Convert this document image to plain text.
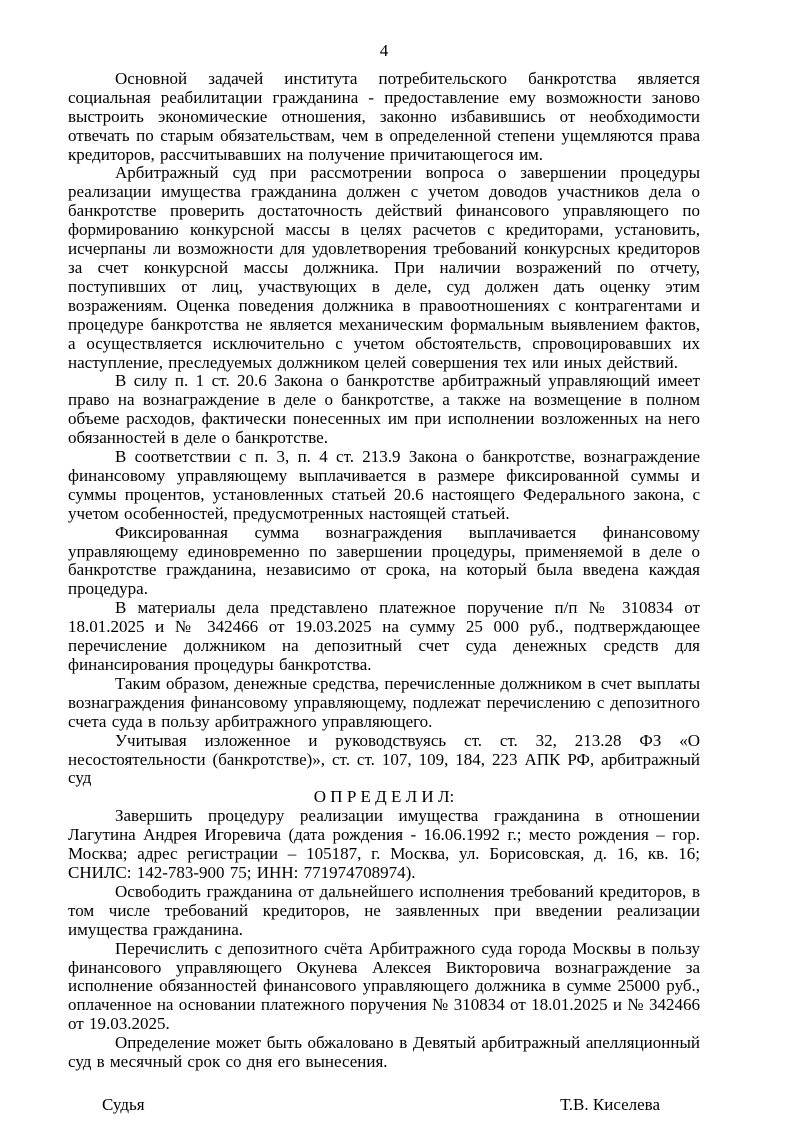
4

Основной задачей института потребительского банкротства является социальная реабилитации гражданина - предоставление ему возможности заново выстроить экономические отношения, законно избавившись от необходимости отвечать по старым обязательствам, чем в определенной степени ущемляются права кредиторов, рассчитывавших на получение причитающегося им.

Арбитражный суд при рассмотрении вопроса о завершении процедуры реализации имущества гражданина должен с учетом доводов участников дела о банкротстве проверить достаточность действий финансового управляющего по формированию конкурсной массы в целях расчетов с кредиторами, установить, исчерпаны ли возможности для удовлетворения требований конкурсных кредиторов за счет конкурсной массы должника. При наличии возражений по отчету, поступивших от лиц, участвующих в деле, суд должен дать оценку этим возражениям. Оценка поведения должника в правоотношениях с контрагентами и процедуре банкротства не является механическим формальным выявлением фактов, а осуществляется исключительно с учетом обстоятельств, спровоцировавших их наступление, преследуемых должником целей совершения тех или иных действий.

В силу п. 1 ст. 20.6 Закона о банкротстве арбитражный управляющий имеет право на вознаграждение в деле о банкротстве, а также на возмещение в полном объеме расходов, фактически понесенных им при исполнении возложенных на него обязанностей в деле о банкротстве.

В соответствии с п. 3, п. 4 ст. 213.9 Закона о банкротстве, вознаграждение финансовому управляющему выплачивается в размере фиксированной суммы и суммы процентов, установленных статьей 20.6 настоящего Федерального закона, с учетом особенностей, предусмотренных настоящей статьей.

Фиксированная сумма вознаграждения выплачивается финансовому управляющему единовременно по завершении процедуры, применяемой в деле о банкротстве гражданина, независимо от срока, на который была введена каждая процедура.

В материалы дела представлено платежное поручение п/п № 310834 от 18.01.2025 и № 342466 от 19.03.2025 на сумму 25 000 руб., подтверждающее перечисление должником на депозитный счет суда денежных средств для финансирования процедуры банкротства.

Таким образом, денежные средства, перечисленные должником в счет выплаты вознаграждения финансовому управляющему, подлежат перечислению с депозитного счета суда в пользу арбитражного управляющего.

Учитывая изложенное и руководствуясь ст. ст. 32, 213.28 ФЗ «О несостоятельности (банкротстве)», ст. ст. 107, 109, 184, 223 АПК РФ, арбитражный суд

О П Р Е Д Е Л И Л:

Завершить процедуру реализации имущества гражданина в отношении Лагутина Андрея Игоревича (дата рождения - 16.06.1992 г.; место рождения – гор. Москва; адрес регистрации – 105187, г. Москва, ул. Борисовская, д. 16, кв. 16; СНИЛС: 142-783-900 75; ИНН: 771974708974).

Освободить гражданина от дальнейшего исполнения требований кредиторов, в том числе требований кредиторов, не заявленных при введении реализации имущества гражданина.

Перечислить с депозитного счёта Арбитражного суда города Москвы в пользу финансового управляющего Окунева Алексея Викторовича вознаграждение за исполнение обязанностей финансового управляющего должника в сумме 25000 руб., оплаченное на основании платежного поручения № 310834 от 18.01.2025 и № 342466 от 19.03.2025.

Определение может быть обжаловано в Девятый арбитражный апелляционный суд в месячный срок со дня его вынесения.

Судья	Т.В. Киселева
